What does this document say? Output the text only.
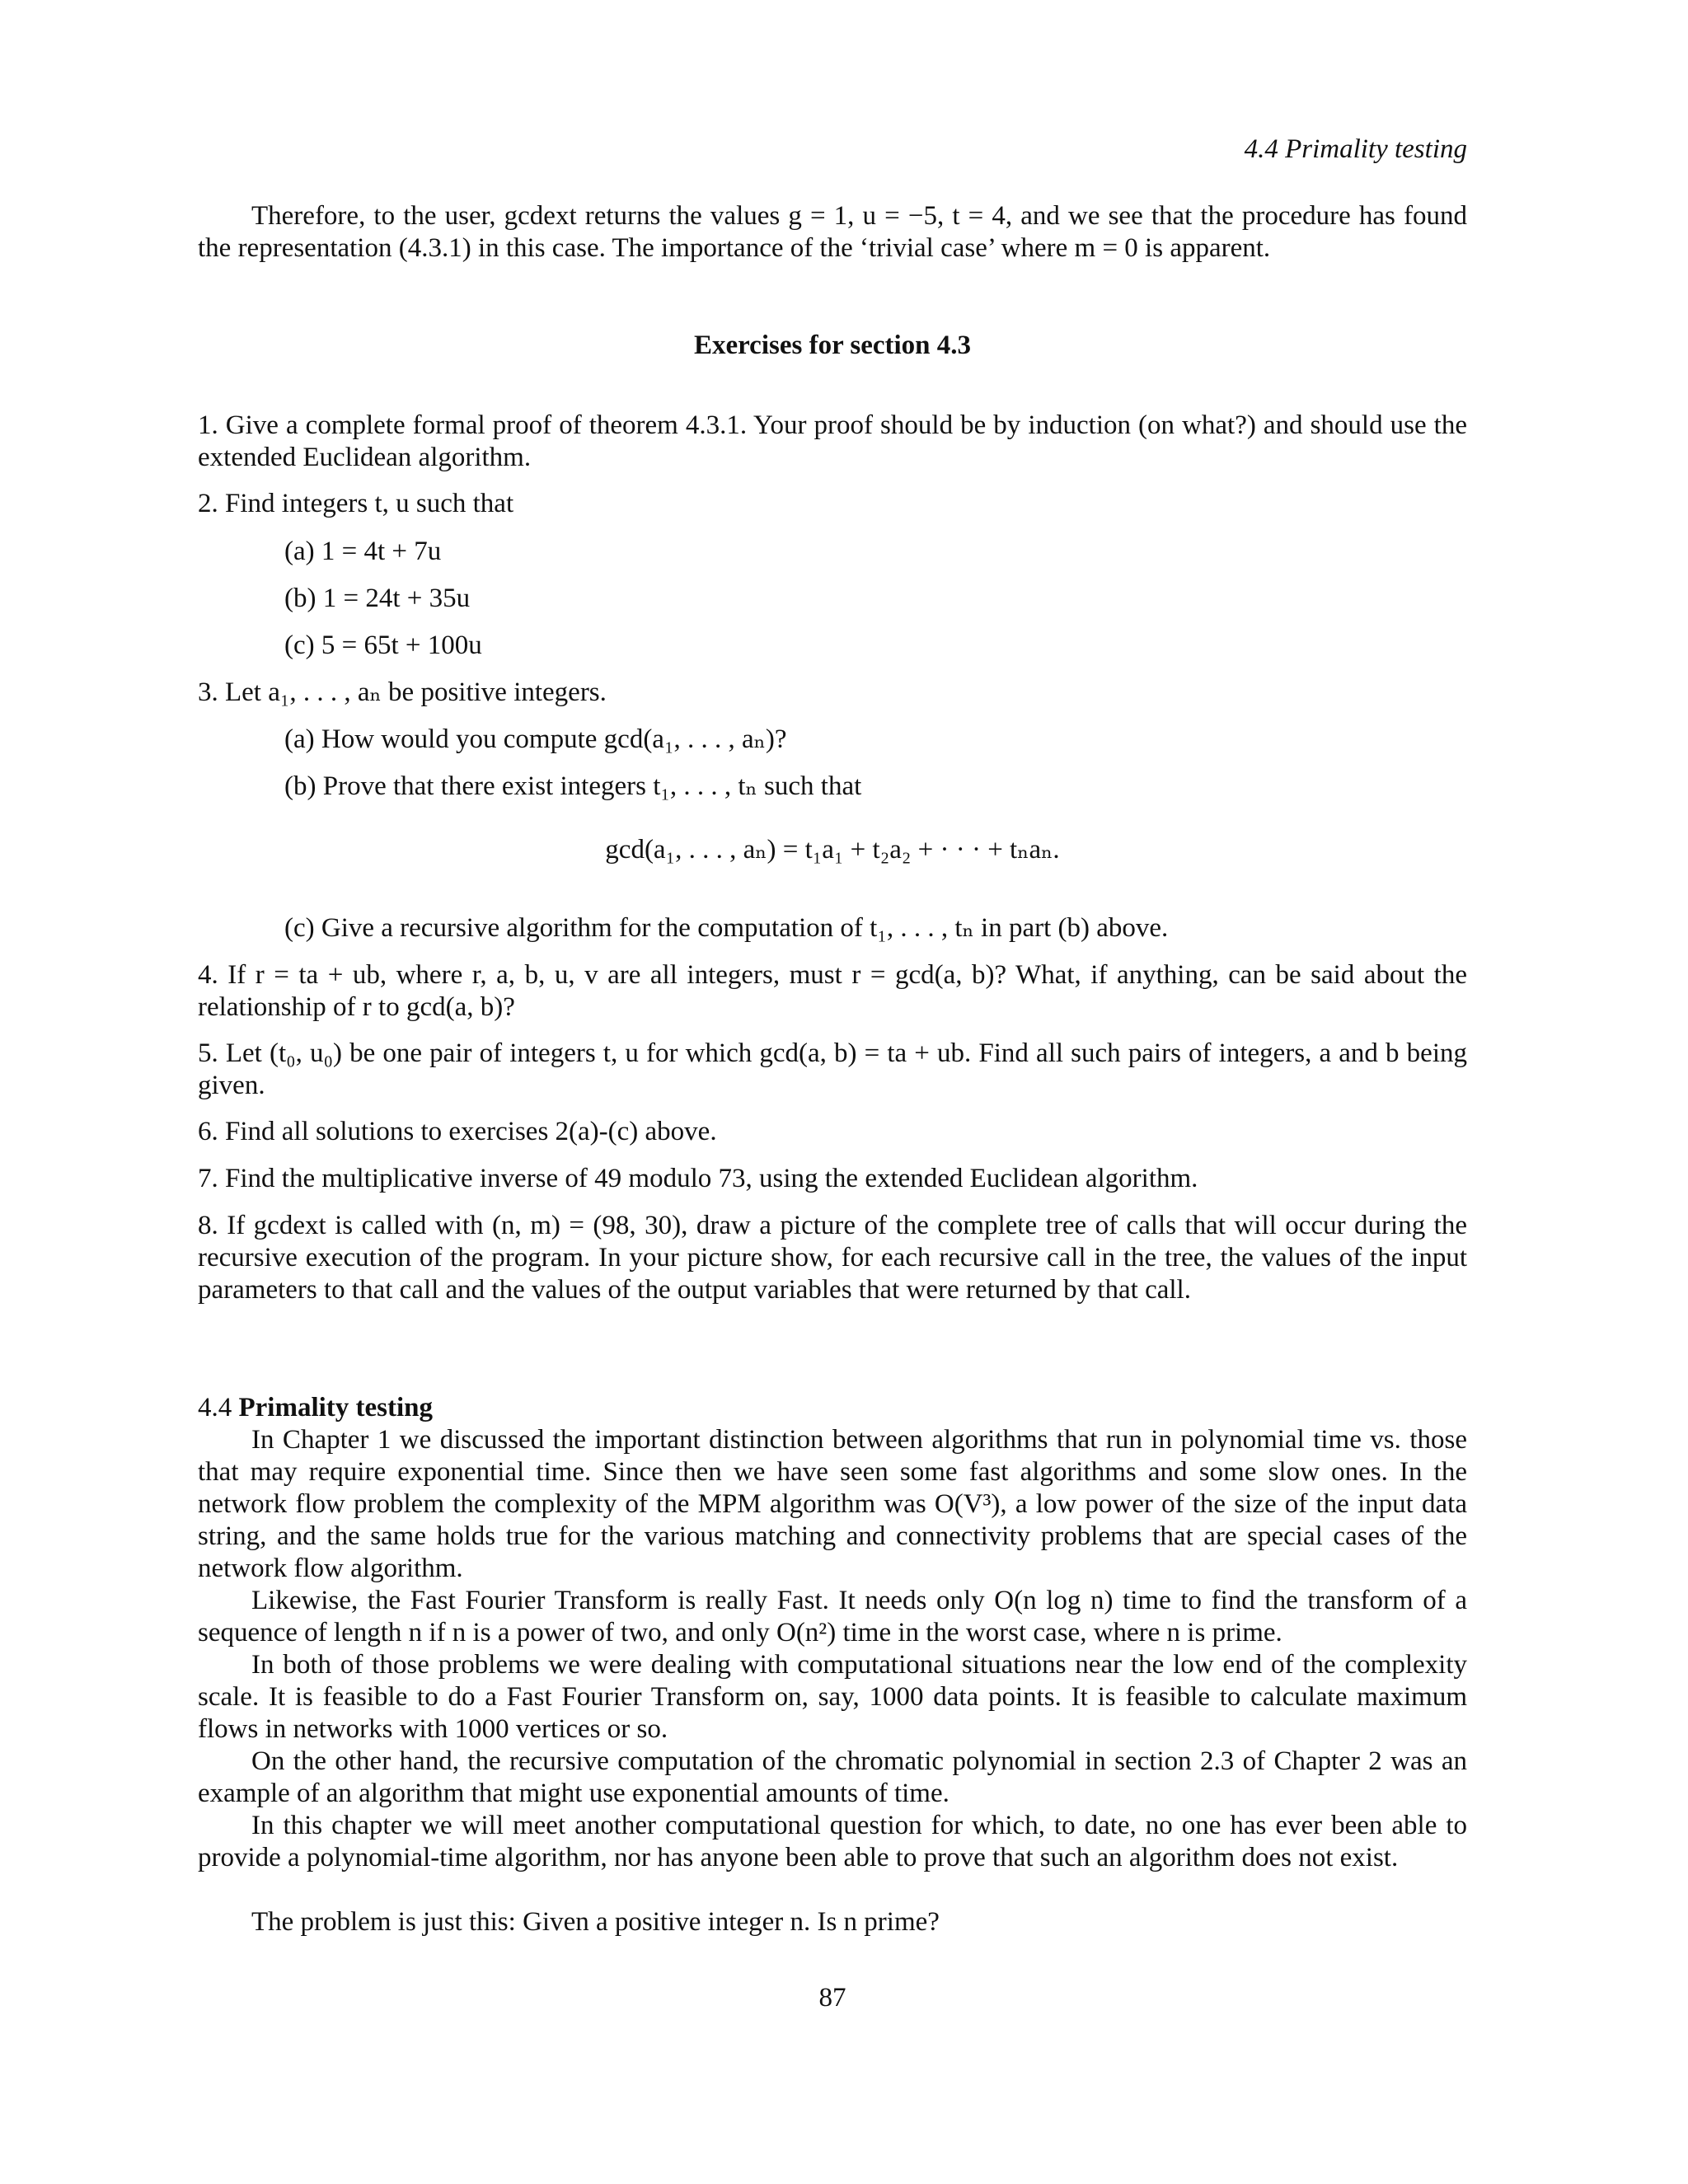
4.4 Primality testing
Therefore, to the user, gcdext returns the values g = 1, u = −5, t = 4, and we see that the procedure has found the representation (4.3.1) in this case. The importance of the ‘trivial case’ where m = 0 is apparent.
Exercises for section 4.3
1. Give a complete formal proof of theorem 4.3.1. Your proof should be by induction (on what?) and should use the extended Euclidean algorithm.
2. Find integers t, u such that
(a) 1 = 4t + 7u
(b) 1 = 24t + 35u
(c) 5 = 65t + 100u
3. Let a₁, . . . , aₙ be positive integers.
(a) How would you compute gcd(a₁, . . . , aₙ)?
(b) Prove that there exist integers t₁, . . . , tₙ such that
gcd(a₁, . . . , aₙ) = t₁a₁ + t₂a₂ + · · · + tₙaₙ.
(c) Give a recursive algorithm for the computation of t₁, . . . , tₙ in part (b) above.
4. If r = ta + ub, where r, a, b, u, v are all integers, must r = gcd(a, b)? What, if anything, can be said about the relationship of r to gcd(a, b)?
5. Let (t₀, u₀) be one pair of integers t, u for which gcd(a, b) = ta + ub. Find all such pairs of integers, a and b being given.
6. Find all solutions to exercises 2(a)-(c) above.
7. Find the multiplicative inverse of 49 modulo 73, using the extended Euclidean algorithm.
8. If gcdext is called with (n, m) = (98, 30), draw a picture of the complete tree of calls that will occur during the recursive execution of the program. In your picture show, for each recursive call in the tree, the values of the input parameters to that call and the values of the output variables that were returned by that call.
4.4 Primality testing
In Chapter 1 we discussed the important distinction between algorithms that run in polynomial time vs. those that may require exponential time. Since then we have seen some fast algorithms and some slow ones. In the network flow problem the complexity of the MPM algorithm was O(V³), a low power of the size of the input data string, and the same holds true for the various matching and connectivity problems that are special cases of the network flow algorithm.
Likewise, the Fast Fourier Transform is really Fast. It needs only O(n log n) time to find the transform of a sequence of length n if n is a power of two, and only O(n²) time in the worst case, where n is prime.
In both of those problems we were dealing with computational situations near the low end of the complexity scale. It is feasible to do a Fast Fourier Transform on, say, 1000 data points. It is feasible to calculate maximum flows in networks with 1000 vertices or so.
On the other hand, the recursive computation of the chromatic polynomial in section 2.3 of Chapter 2 was an example of an algorithm that might use exponential amounts of time.
In this chapter we will meet another computational question for which, to date, no one has ever been able to provide a polynomial-time algorithm, nor has anyone been able to prove that such an algorithm does not exist.
The problem is just this: Given a positive integer n. Is n prime?
87
